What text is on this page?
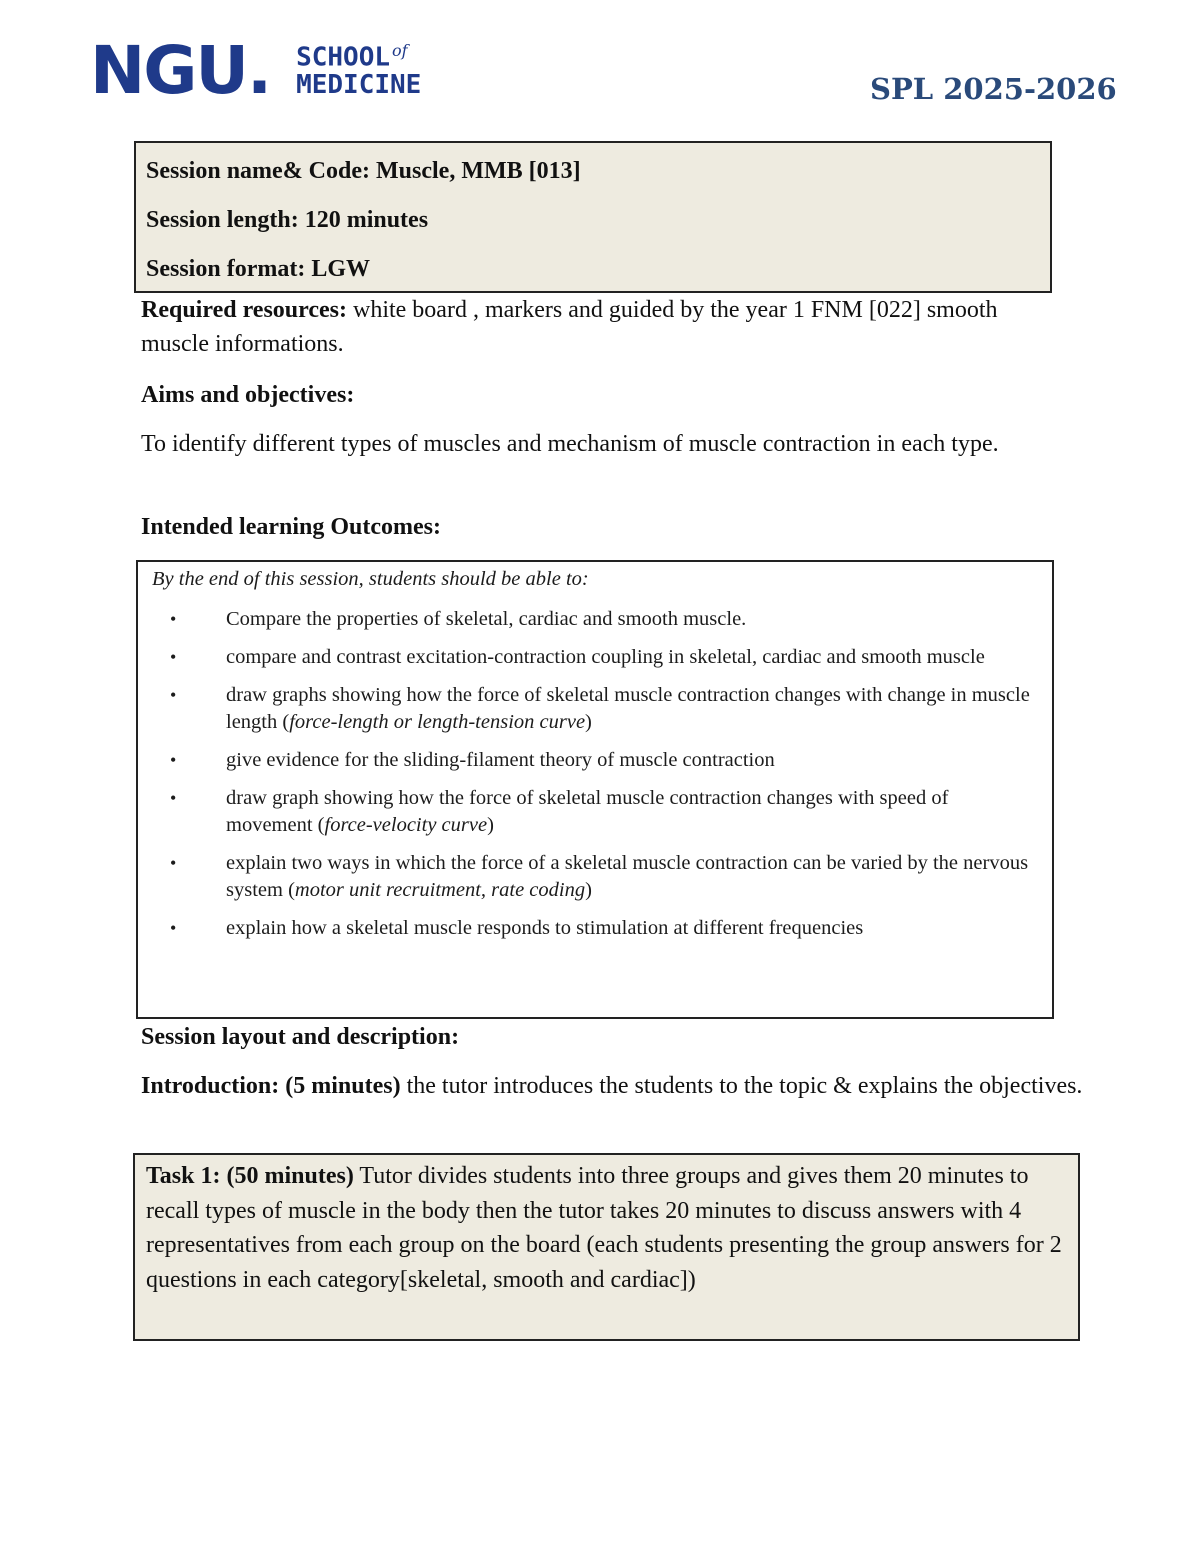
NGU. SCHOOL $^{of}$
MEDICINE	SPL 2025-2026
Session name& Code: Muscle, MMB [013]
Session length: 120 minutes
Session format: LGW
Required resources: white board , markers and guided by the year 1 FNM [022] smooth muscle informations.
Aims and objectives:
To identify different types of muscles and mechanism of muscle contraction in each type.
Intended learning Outcomes:
By the end of this session, students should be able to:
• Compare the properties of skeletal, cardiac and smooth muscle.
• compare and contrast excitation-contraction coupling in skeletal, cardiac and smooth muscle
• draw graphs showing how the force of skeletal muscle contraction changes with change in muscle length (force-length or length-tension curve)
• give evidence for the sliding-filament theory of muscle contraction
• draw graph showing how the force of skeletal muscle contraction changes with speed of movement (force-velocity curve)
• explain two ways in which the force of a skeletal muscle contraction can be varied by the nervous system (motor unit recruitment, rate coding)
• explain how a skeletal muscle responds to stimulation at different frequencies
Session layout and description:
Introduction: (5 minutes) the tutor introduces the students to the topic & explains the objectives.
Task 1: (50 minutes) Tutor divides students into three groups and gives them 20 minutes to recall types of muscle in the body then the tutor takes 20 minutes to discuss answers with 4 representatives from each group on the board (each students presenting the group answers for 2 questions in each category[skeletal, smooth and cardiac])
